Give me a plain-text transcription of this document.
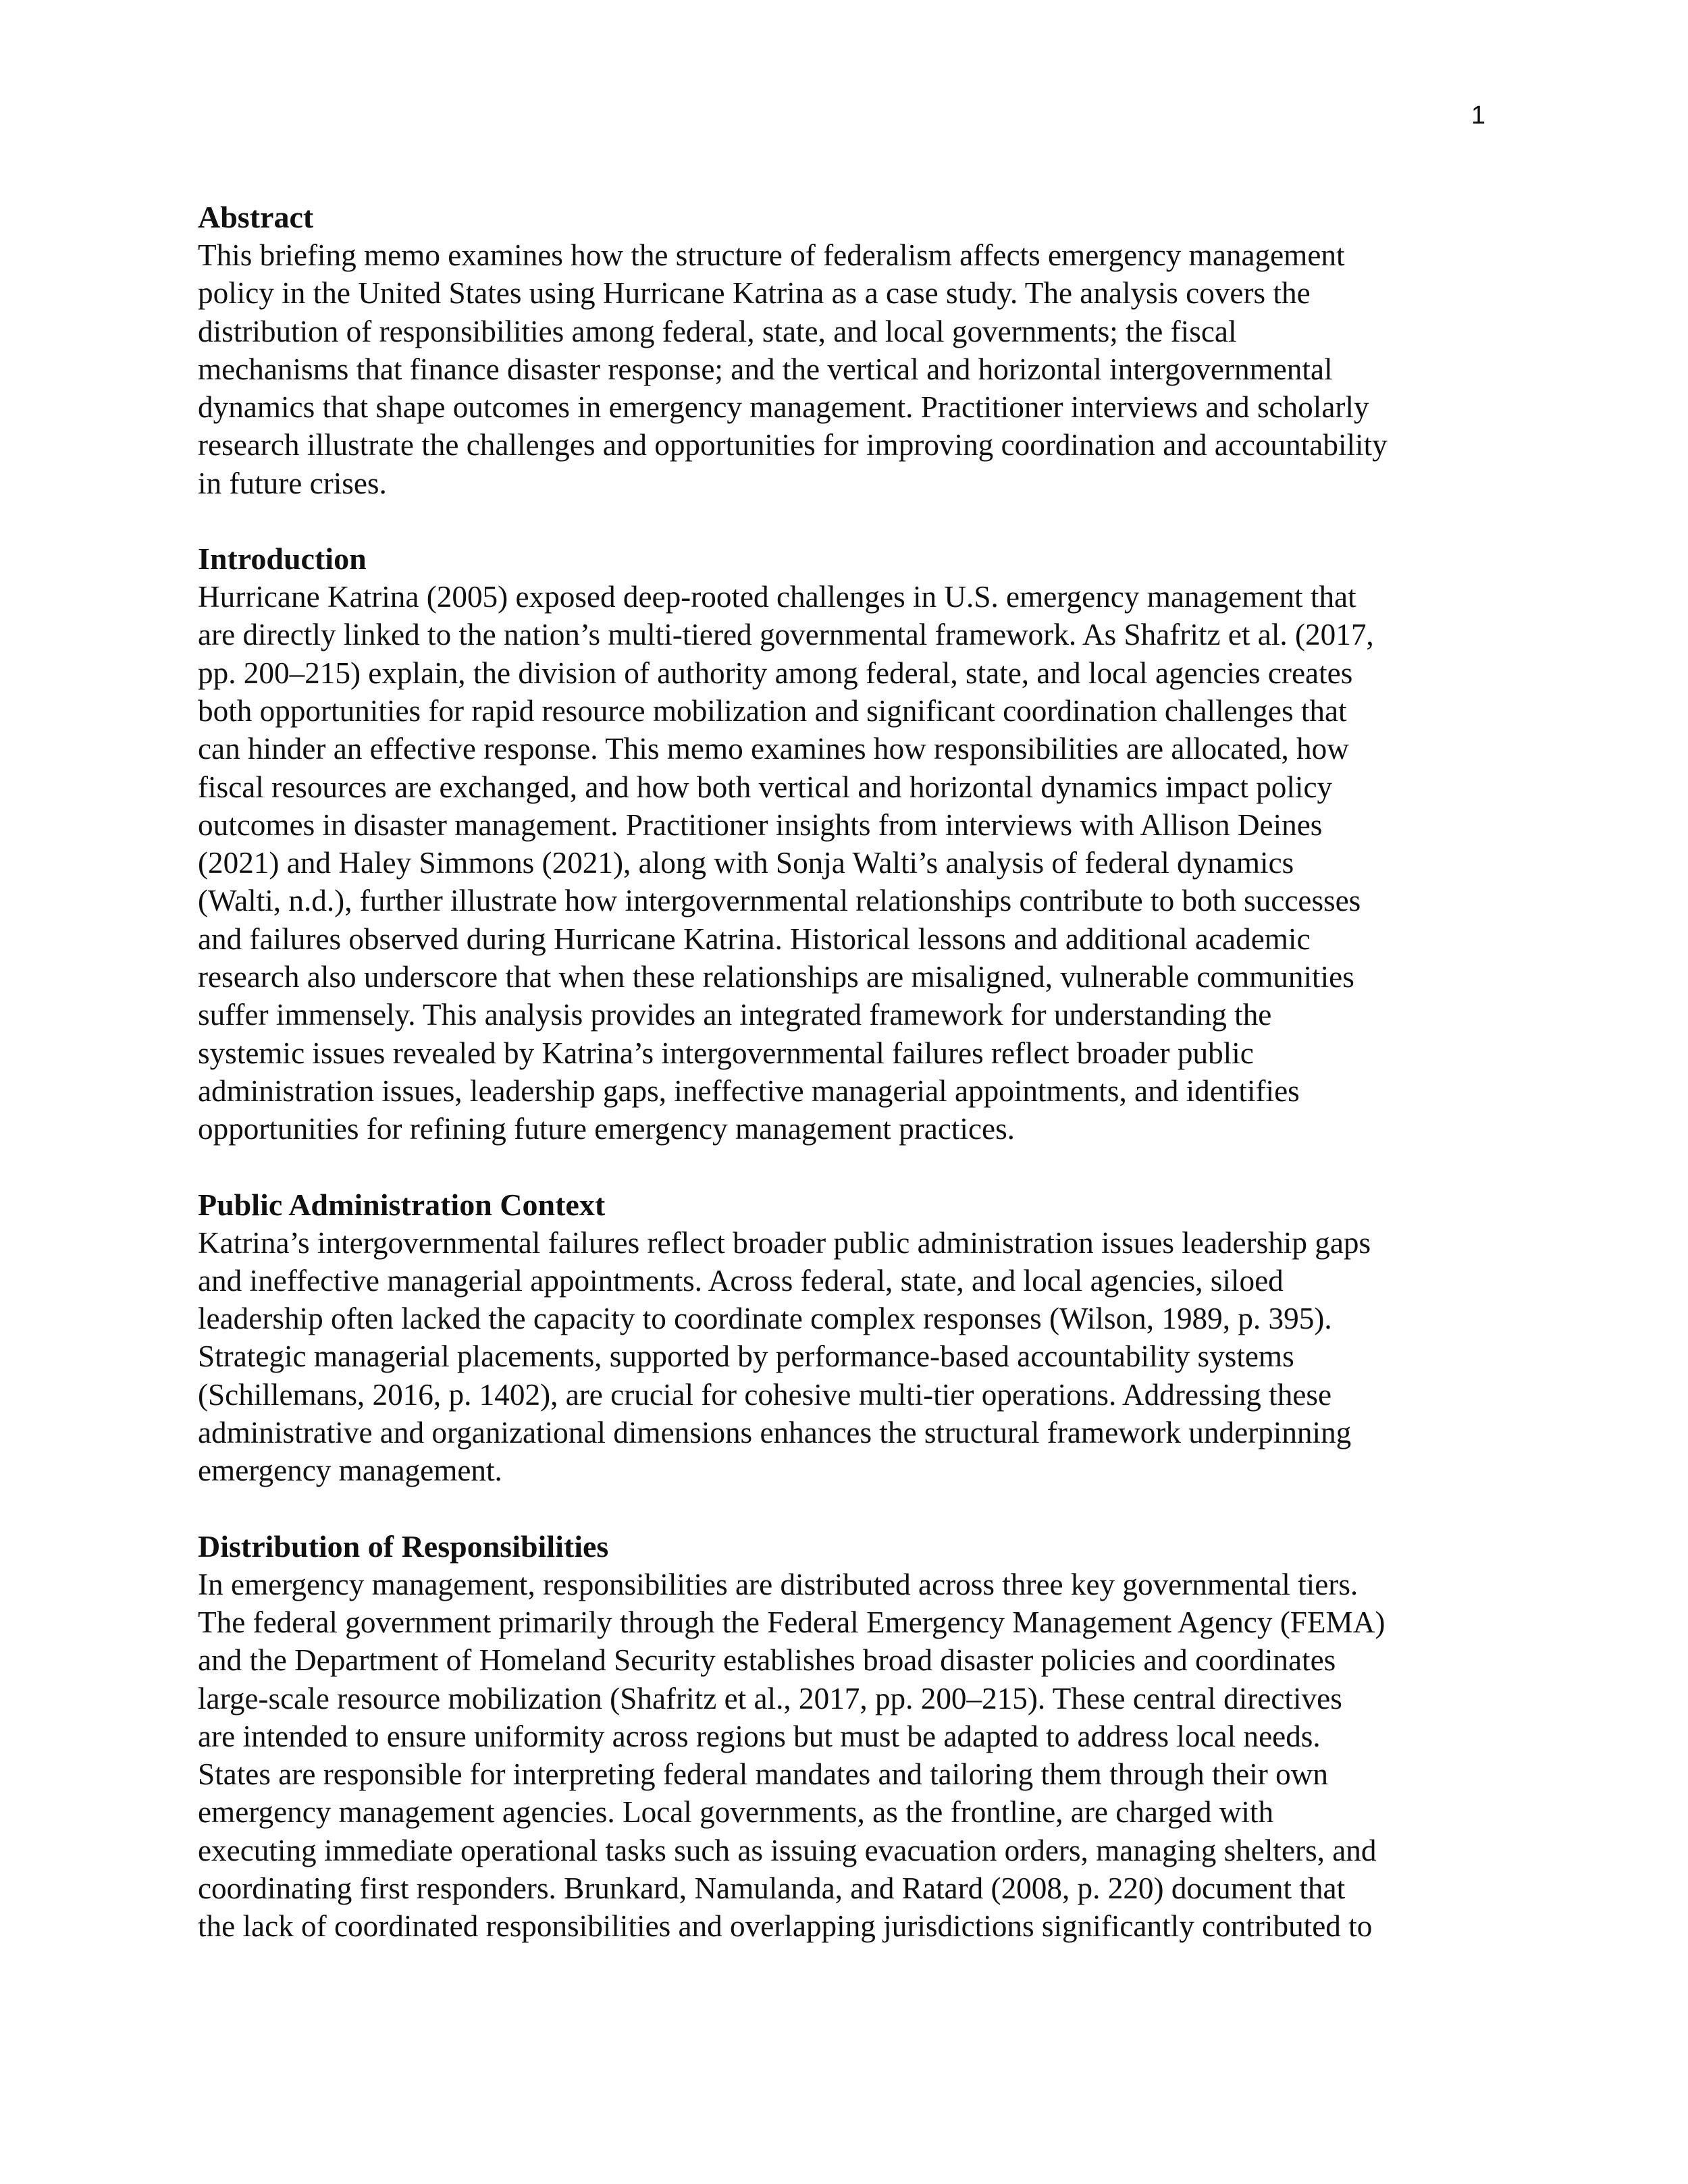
1
Abstract

This briefing memo examines how the structure of federalism affects emergency management
policy in the United States using Hurricane Katrina as a case study. The analysis covers the
distribution of responsibilities among federal, state, and local governments; the fiscal
mechanisms that finance disaster response; and the vertical and horizontal intergovernmental
dynamics that shape outcomes in emergency management. Practitioner interviews and scholarly
research illustrate the challenges and opportunities for improving coordination and accountability
in future crises.

Introduction

Hurricane Katrina (2005) exposed deep-rooted challenges in U.S. emergency management that
are directly linked to the nation’s multi-tiered governmental framework. As Shafritz et al. (2017,
pp. 200–215) explain, the division of authority among federal, state, and local agencies creates
both opportunities for rapid resource mobilization and significant coordination challenges that
can hinder an effective response. This memo examines how responsibilities are allocated, how
fiscal resources are exchanged, and how both vertical and horizontal dynamics impact policy
outcomes in disaster management. Practitioner insights from interviews with Allison Deines
(2021) and Haley Simmons (2021), along with Sonja Walti’s analysis of federal dynamics
(Walti, n.d.), further illustrate how intergovernmental relationships contribute to both successes
and failures observed during Hurricane Katrina. Historical lessons and additional academic
research also underscore that when these relationships are misaligned, vulnerable communities
suffer immensely. This analysis provides an integrated framework for understanding the
systemic issues revealed by Katrina’s intergovernmental failures reflect broader public
administration issues, leadership gaps, ineffective managerial appointments, and identifies
opportunities for refining future emergency management practices.

Public Administration Context

Katrina’s intergovernmental failures reflect broader public administration issues leadership gaps
and ineffective managerial appointments. Across federal, state, and local agencies, siloed
leadership often lacked the capacity to coordinate complex responses (Wilson, 1989, p. 395).
Strategic managerial placements, supported by performance-based accountability systems
(Schillemans, 2016, p. 1402), are crucial for cohesive multi-tier operations. Addressing these
administrative and organizational dimensions enhances the structural framework underpinning
emergency management.

Distribution of Responsibilities

In emergency management, responsibilities are distributed across three key governmental tiers.
The federal government primarily through the Federal Emergency Management Agency (FEMA)
and the Department of Homeland Security establishes broad disaster policies and coordinates
large-scale resource mobilization (Shafritz et al., 2017, pp. 200–215). These central directives
are intended to ensure uniformity across regions but must be adapted to address local needs.
States are responsible for interpreting federal mandates and tailoring them through their own
emergency management agencies. Local governments, as the frontline, are charged with
executing immediate operational tasks such as issuing evacuation orders, managing shelters, and
coordinating first responders. Brunkard, Namulanda, and Ratard (2008, p. 220) document that
the lack of coordinated responsibilities and overlapping jurisdictions significantly contributed to
